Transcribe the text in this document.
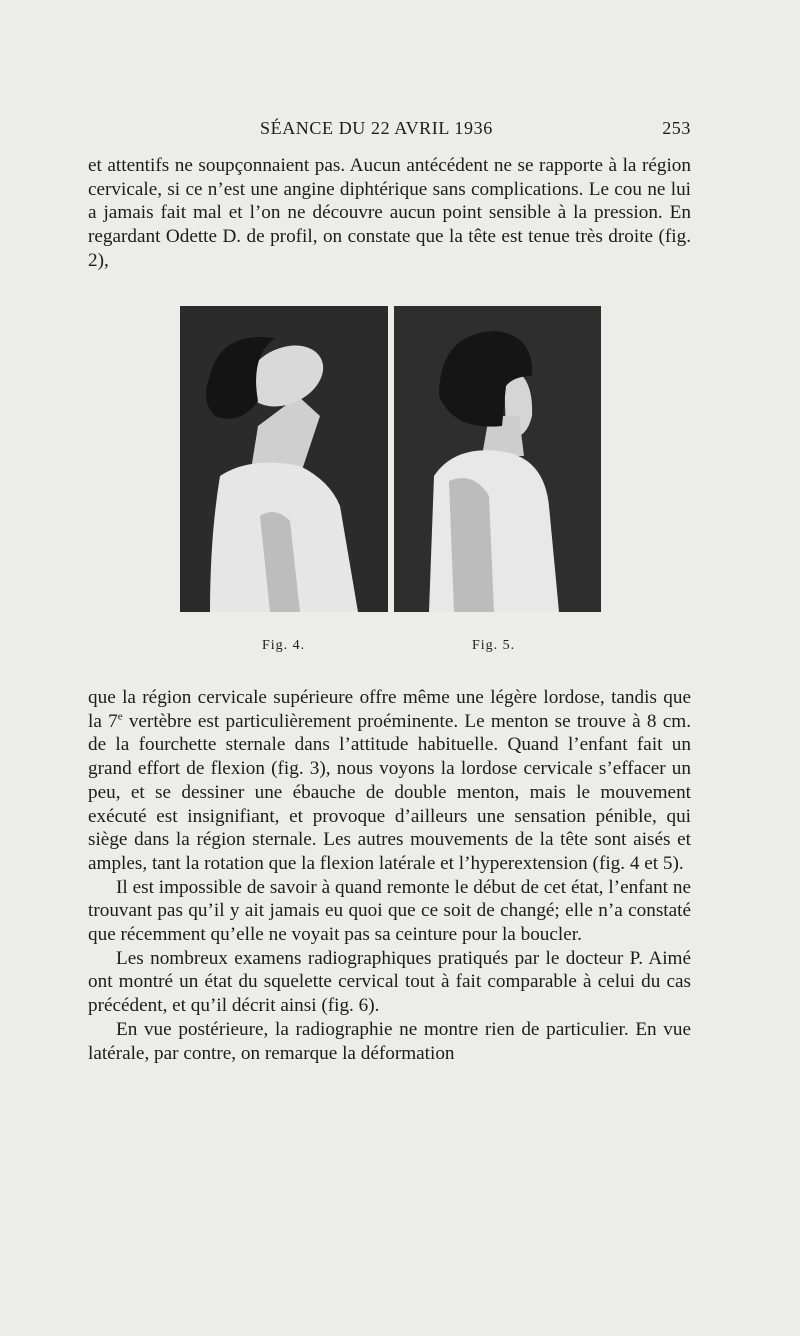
SÉANCE DU 22 AVRIL 1936	253

et attentifs ne soupçonnaient pas. Aucun antécédent ne se rapporte à la région cervicale, si ce n’est une angine diphtérique sans complications. Le cou ne lui a jamais fait mal et l’on ne découvre aucun point sensible à la pression. En regardant Odette D. de profil, on constate que la tête est tenue très droite (fig. 2),

Fig. 4.	Fig. 5.

que la région cervicale supérieure offre même une légère lordose, tandis que la 7e vertèbre est particulièrement proéminente. Le menton se trouve à 8 cm. de la fourchette sternale dans l’attitude habituelle. Quand l’enfant fait un grand effort de flexion (fig. 3), nous voyons la lordose cervicale s’effacer un peu, et se dessiner une ébauche de double menton, mais le mouvement exécuté est insignifiant, et provoque d’ailleurs une sensation pénible, qui siège dans la région sternale. Les autres mouvements de la tête sont aisés et amples, tant la rotation que la flexion latérale et l’hyperextension (fig. 4 et 5).

Il est impossible de savoir à quand remonte le début de cet état, l’enfant ne trouvant pas qu’il y ait jamais eu quoi que ce soit de changé; elle n’a constaté que récemment qu’elle ne voyait pas sa ceinture pour la boucler.

Les nombreux examens radiographiques pratiqués par le docteur P. Aimé ont montré un état du squelette cervical tout à fait comparable à celui du cas précédent, et qu’il décrit ainsi (fig. 6).

En vue postérieure, la radiographie ne montre rien de particulier. En vue latérale, par contre, on remarque la déformation
